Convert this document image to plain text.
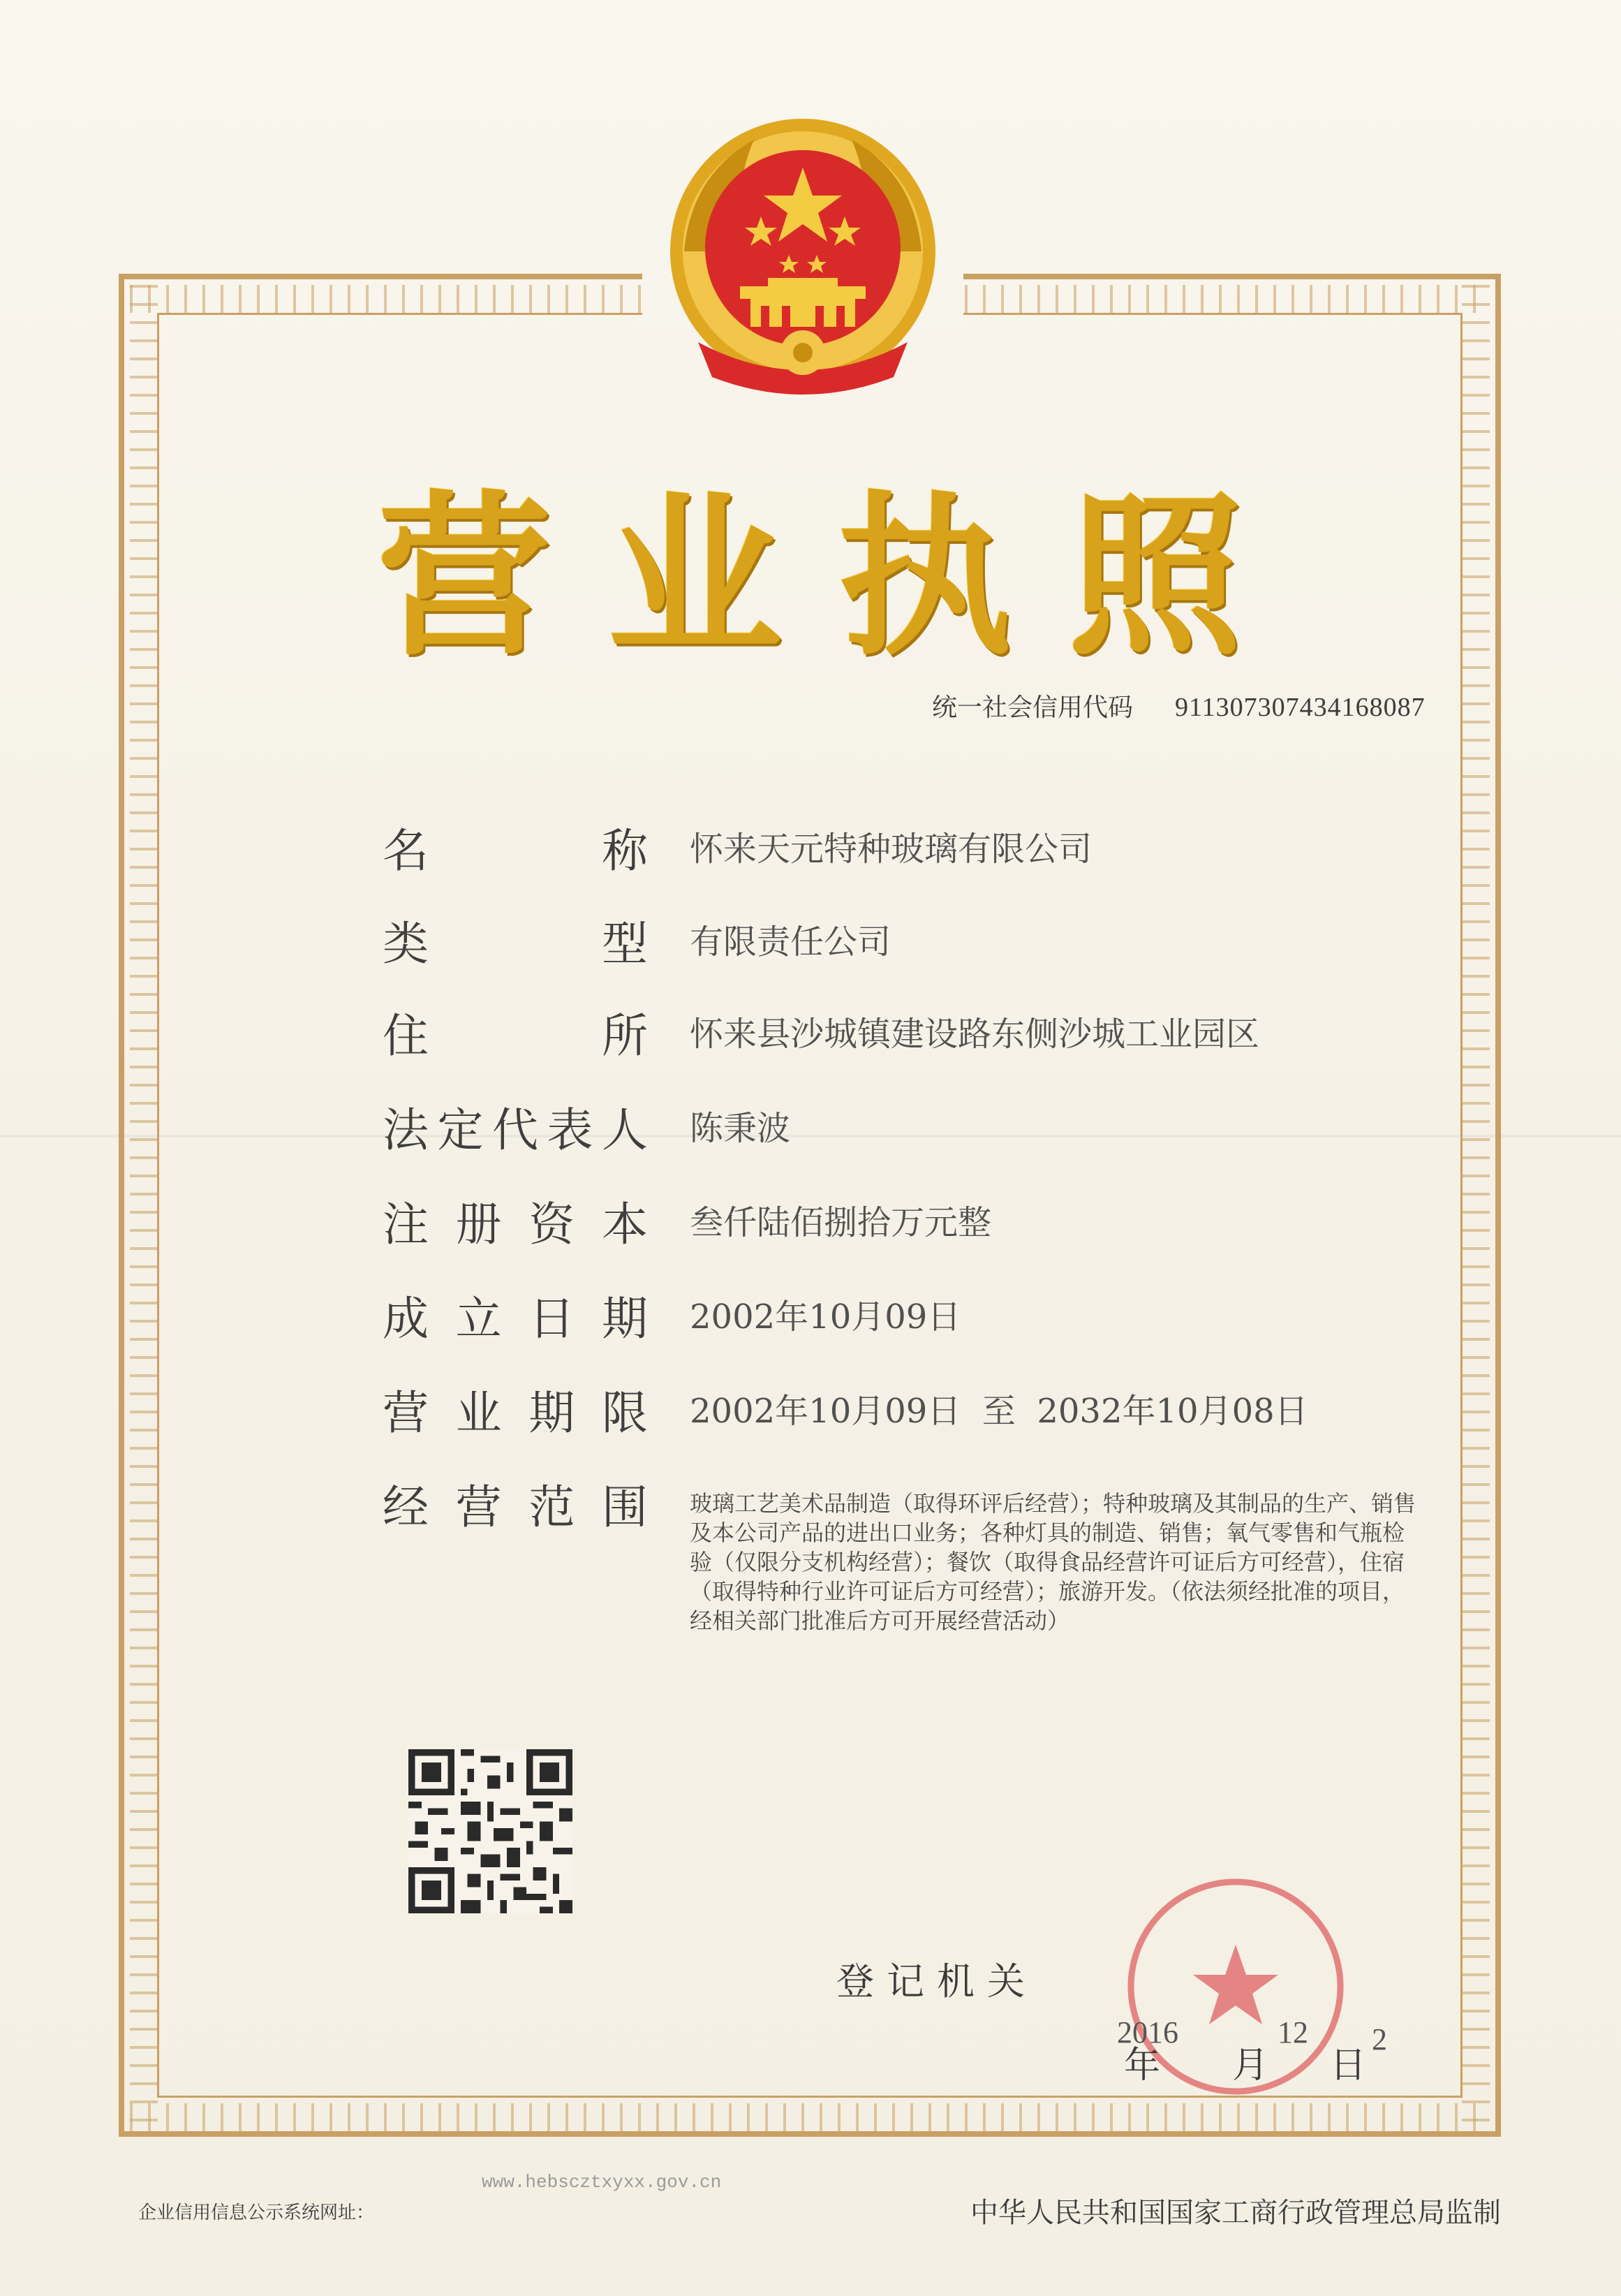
营 业 执 照
统一社会信用代码 91130730743416808​7
名	称 怀来天元特种玻璃有限公司
类	型 有限责任公司
住	所 怀来县沙城镇建设路东侧沙城工业园区
法 定 代 表 人 陈秉波
注 册 资 本 叁仟陆佰捌拾万元整
成 立 日 期 2002年10月09日
营 业 期 限 2002年10月09日  至  2032年10月08日
经 营 范 围 玻璃工艺美术品制造（取得环评后经营）；特种玻璃及其制品的生产、销售及本公司产品的进出口业务；各种灯具的制造、销售；氧气零售和气瓶检验（仅限分支机构经营）；餐饮（取得食品经营许可证后方可经营），住宿（取得特种行业许可证后方可经营）；旅游开发。（依法须经批准的项目，经相关部门批准后方可开展经营活动）
登记机关
2016
年 月
12
日
2
企业信用信息公示系统网址：
www.hebscztxyxx.gov.cn
中华人民共和国国家工商行政管理总局监制
